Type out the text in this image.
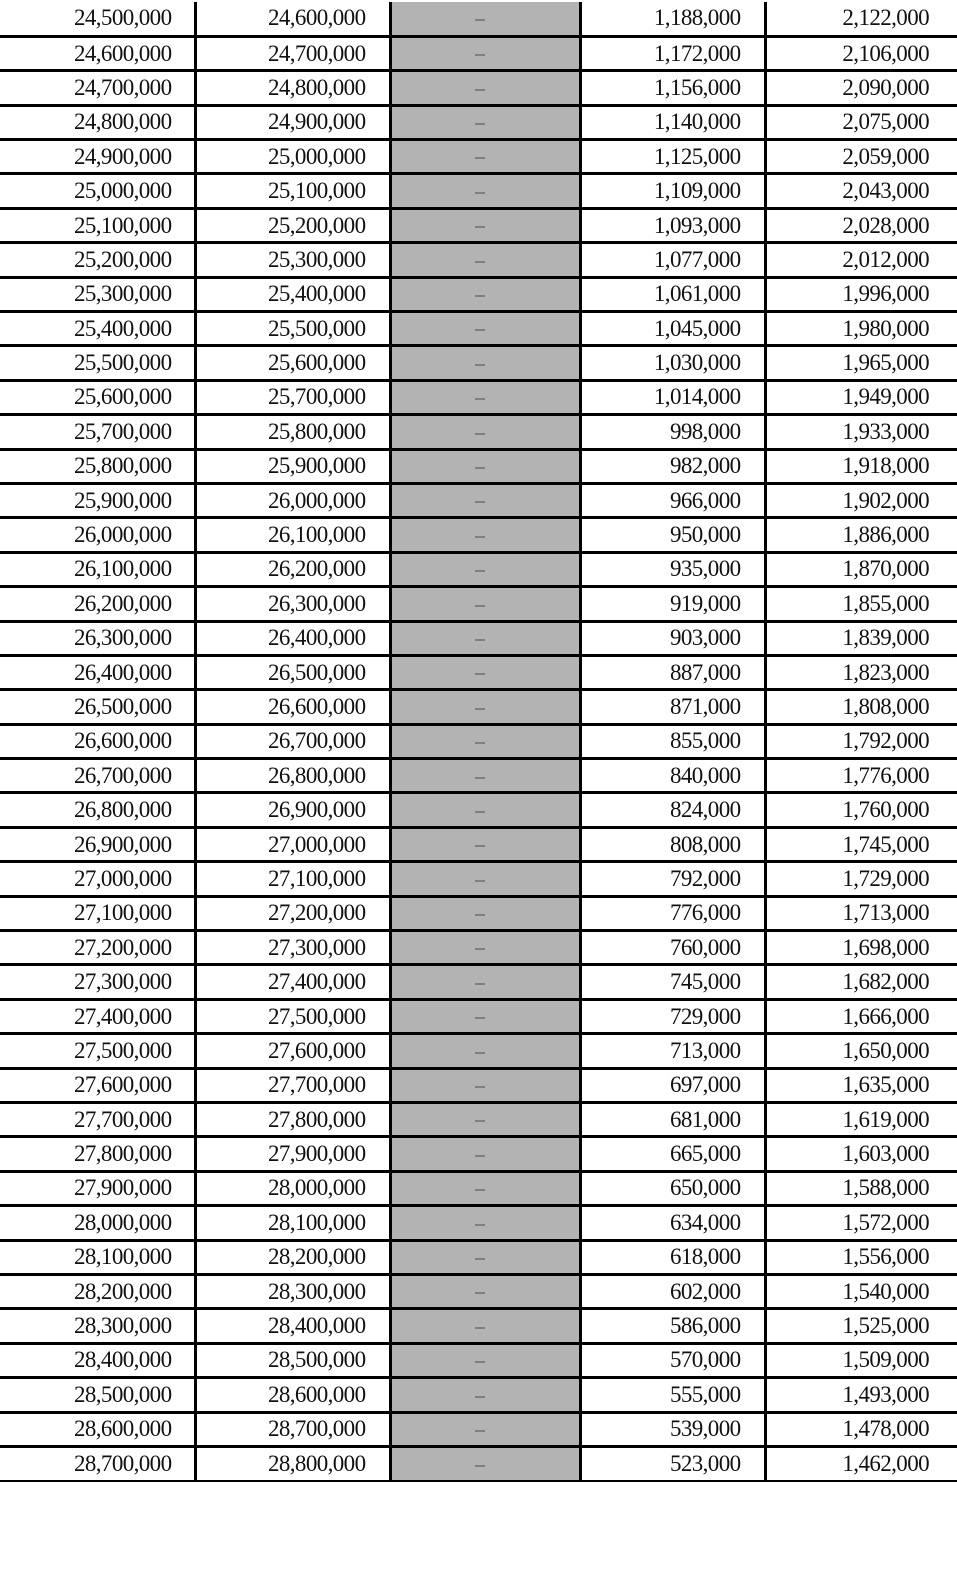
24,500,000	24,600,000		1,188,000	2,122,000
24,600,000	24,700,000		1,172,000	2,106,000
24,700,000	24,800,000		1,156,000	2,090,000
24,800,000	24,900,000		1,140,000	2,075,000
24,900,000	25,000,000		1,125,000	2,059,000
25,000,000	25,100,000		1,109,000	2,043,000
25,100,000	25,200,000		1,093,000	2,028,000
25,200,000	25,300,000		1,077,000	2,012,000
25,300,000	25,400,000		1,061,000	1,996,000
25,400,000	25,500,000		1,045,000	1,980,000
25,500,000	25,600,000		1,030,000	1,965,000
25,600,000	25,700,000		1,014,000	1,949,000
25,700,000	25,800,000		998,000	1,933,000
25,800,000	25,900,000		982,000	1,918,000
25,900,000	26,000,000		966,000	1,902,000
26,000,000	26,100,000		950,000	1,886,000
26,100,000	26,200,000		935,000	1,870,000
26,200,000	26,300,000		919,000	1,855,000
26,300,000	26,400,000		903,000	1,839,000
26,400,000	26,500,000		887,000	1,823,000
26,500,000	26,600,000		871,000	1,808,000
26,600,000	26,700,000		855,000	1,792,000
26,700,000	26,800,000		840,000	1,776,000
26,800,000	26,900,000		824,000	1,760,000
26,900,000	27,000,000		808,000	1,745,000
27,000,000	27,100,000		792,000	1,729,000
27,100,000	27,200,000		776,000	1,713,000
27,200,000	27,300,000		760,000	1,698,000
27,300,000	27,400,000		745,000	1,682,000
27,400,000	27,500,000		729,000	1,666,000
27,500,000	27,600,000		713,000	1,650,000
27,600,000	27,700,000		697,000	1,635,000
27,700,000	27,800,000		681,000	1,619,000
27,800,000	27,900,000		665,000	1,603,000
27,900,000	28,000,000		650,000	1,588,000
28,000,000	28,100,000		634,000	1,572,000
28,100,000	28,200,000		618,000	1,556,000
28,200,000	28,300,000		602,000	1,540,000
28,300,000	28,400,000		586,000	1,525,000
28,400,000	28,500,000		570,000	1,509,000
28,500,000	28,600,000		555,000	1,493,000
28,600,000	28,700,000		539,000	1,478,000
28,700,000	28,800,000		523,000	1,462,000
